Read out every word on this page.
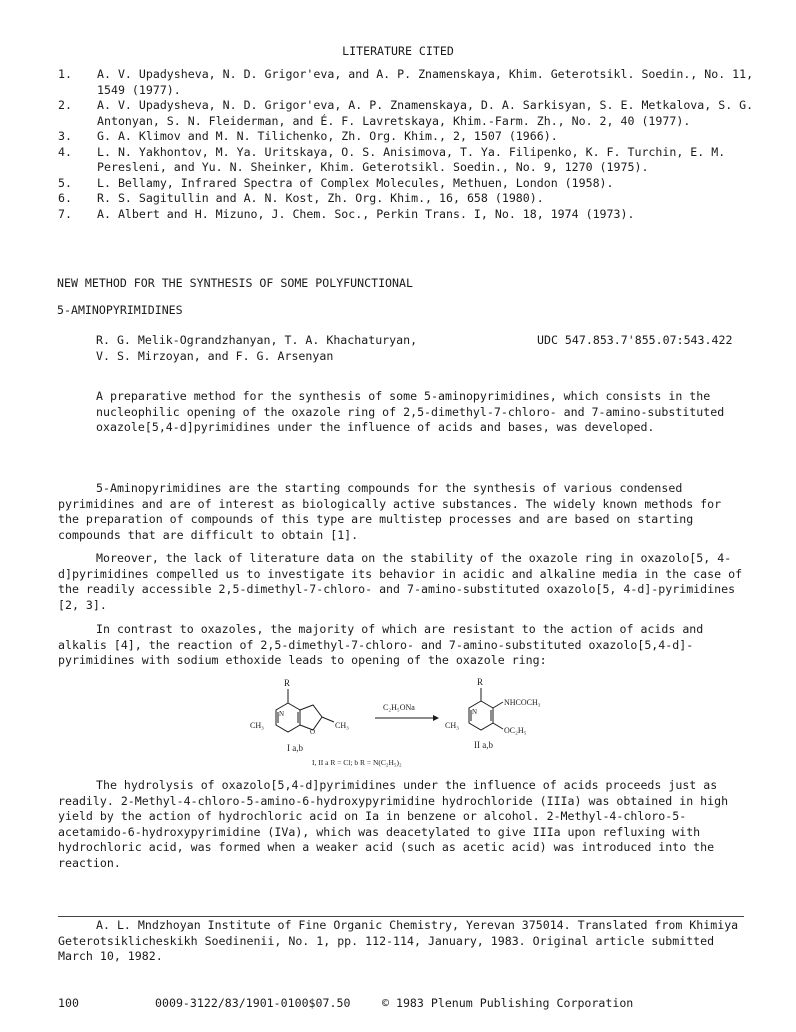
LITERATURE CITED
1.	A. V. Upadysheva, N. D. Grigor'eva, and A. P. Znamenskaya, Khim. Geterotsikl. Soedin., No. 11, 1549 (1977).
2.	A. V. Upadysheva, N. D. Grigor'eva, A. P. Znamenskaya, D. A. Sarkisyan, S. E. Metkalova, S. G. Antonyan, S. N. Fleiderman, and É. F. Lavretskaya, Khim.-Farm. Zh., No. 2, 40 (1977).
3.	G. A. Klimov and M. N. Tilichenko, Zh. Org. Khim., 2, 1507 (1966).
4.	L. N. Yakhontov, M. Ya. Uritskaya, O. S. Anisimova, T. Ya. Filipenko, K. F. Turchin, E. M. Peresleni, and Yu. N. Sheinker, Khim. Geterotsikl. Soedin., No. 9, 1270 (1975).
5.	L. Bellamy, Infrared Spectra of Complex Molecules, Methuen, London (1958).
6.	R. S. Sagitullin and A. N. Kost, Zh. Org. Khim., 16, 658 (1980).
7.	A. Albert and H. Mizuno, J. Chem. Soc., Perkin Trans. I, No. 18, 1974 (1973).
NEW METHOD FOR THE SYNTHESIS OF SOME POLYFUNCTIONAL
5-AMINOPYRIMIDINES
R. G. Melik-Ograndzhanyan, T. A. Khachaturyan,
V. S. Mirzoyan, and F. G. Arsenyan
UDC 547.853.7'855.07:543.422
A preparative method for the synthesis of some 5-aminopyrimidines, which consists in the nucleophilic opening of the oxazole ring of 2,5-dimethyl-7-chloro- and 7-amino-substituted oxazole[5,4-d]pyrimidines under the influence of acids and bases, was developed.
5-Aminopyrimidines are the starting compounds for the synthesis of various condensed pyrimidines and are of interest as biologically active substances. The widely known methods for the preparation of compounds of this type are multistep processes and are based on starting compounds that are difficult to obtain [1].
Moreover, the lack of literature data on the stability of the oxazole ring in oxazolo[5, 4-d]pyrimidines compelled us to investigate its behavior in acidic and alkaline media in the case of the readily accessible 2,5-dimethyl-7-chloro- and 7-amino-substituted oxazolo[5, 4-d]-pyrimidines [2, 3].
In contrast to oxazoles, the majority of which are resistant to the action of acids and alkalis [4], the reaction of 2,5-dimethyl-7-chloro- and 7-amino-substituted oxazolo[5,4-d]-pyrimidines with sodium ethoxide leads to opening of the oxazole ring:
R
CH₃	CH₃
N
O
I a,b
C₂H₅ONa
R
CH₃
N
NHCOCH₃
OC₂H₅
II a,b
I, II a R = Cl; b R = N(C₂H₅)₂
The hydrolysis of oxazolo[5,4-d]pyrimidines under the influence of acids proceeds just as readily. 2-Methyl-4-chloro-5-amino-6-hydroxypyrimidine hydrochloride (IIIa) was obtained in high yield by the action of hydrochloric acid on Ia in benzene or alcohol. 2-Methyl-4-chloro-5-acetamido-6-hydroxypyrimidine (IVa), which was deacetylated to give IIIa upon refluxing with hydrochloric acid, was formed when a weaker acid (such as acetic acid) was introduced into the reaction.
A. L. Mndzhoyan Institute of Fine Organic Chemistry, Yerevan 375014. Translated from Khimiya Geterotsiklicheskikh Soedinenii, No. 1, pp. 112-114, January, 1983. Original article submitted March 10, 1982.
100	0009-3122/83/1901-0100$07.50	© 1983 Plenum Publishing Corporation
